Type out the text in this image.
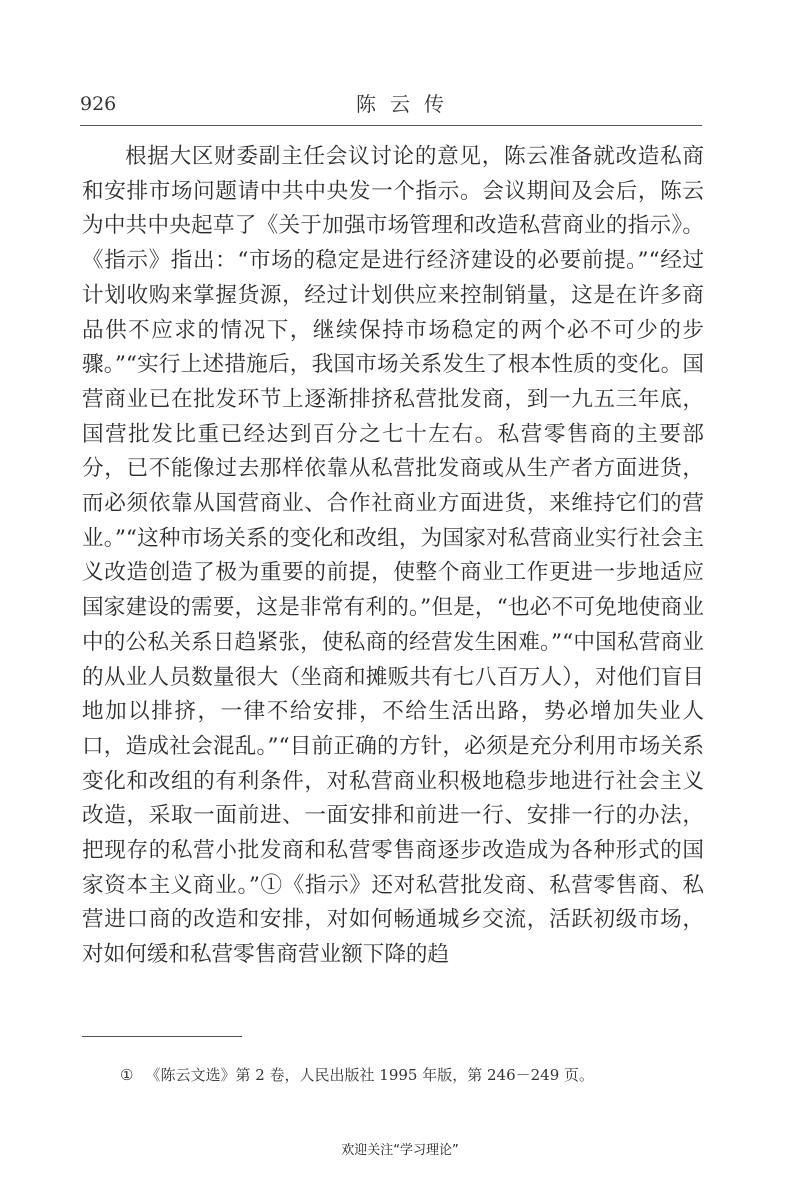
926	陈云传

根据大区财委副主任会议讨论的意见，陈云准备就改造私商和安排市场问题请中共中央发一个指示。会议期间及会后，陈云为中共中央起草了《关于加强市场管理和改造私营商业的指示》。《指示》指出：“市场的稳定是进行经济建设的必要前提。”“经过计划收购来掌握货源，经过计划供应来控制销量，这是在许多商品供不应求的情况下，继续保持市场稳定的两个必不可少的步骤。”“实行上述措施后，我国市场关系发生了根本性质的变化。国营商业已在批发环节上逐渐排挤私营批发商，到一九五三年底，国营批发比重已经达到百分之七十左右。私营零售商的主要部分，已不能像过去那样依靠从私营批发商或从生产者方面进货，而必须依靠从国营商业、合作社商业方面进货，来维持它们的营业。”“这种市场关系的变化和改组，为国家对私营商业实行社会主义改造创造了极为重要的前提，使整个商业工作更进一步地适应国家建设的需要，这是非常有利的。”但是，“也必不可免地使商业中的公私关系日趋紧张，使私商的经营发生困难。”“中国私营商业的从业人员数量很大（坐商和摊贩共有七八百万人），对他们盲目地加以排挤，一律不给安排，不给生活出路，势必增加失业人口，造成社会混乱。”“目前正确的方针，必须是充分利用市场关系变化和改组的有利条件，对私营商业积极地稳步地进行社会主义改造，采取一面前进、一面安排和前进一行、安排一行的办法，把现存的私营小批发商和私营零售商逐步改造成为各种形式的国家资本主义商业。”①《指示》还对私营批发商、私营零售商、私营进口商的改造和安排，对如何畅通城乡交流，活跃初级市场，对如何缓和私营零售商营业额下降的趋

① 《陈云文选》第 2 卷，人民出版社 1995 年版，第 246－249 页。
欢迎关注“学习理论”
